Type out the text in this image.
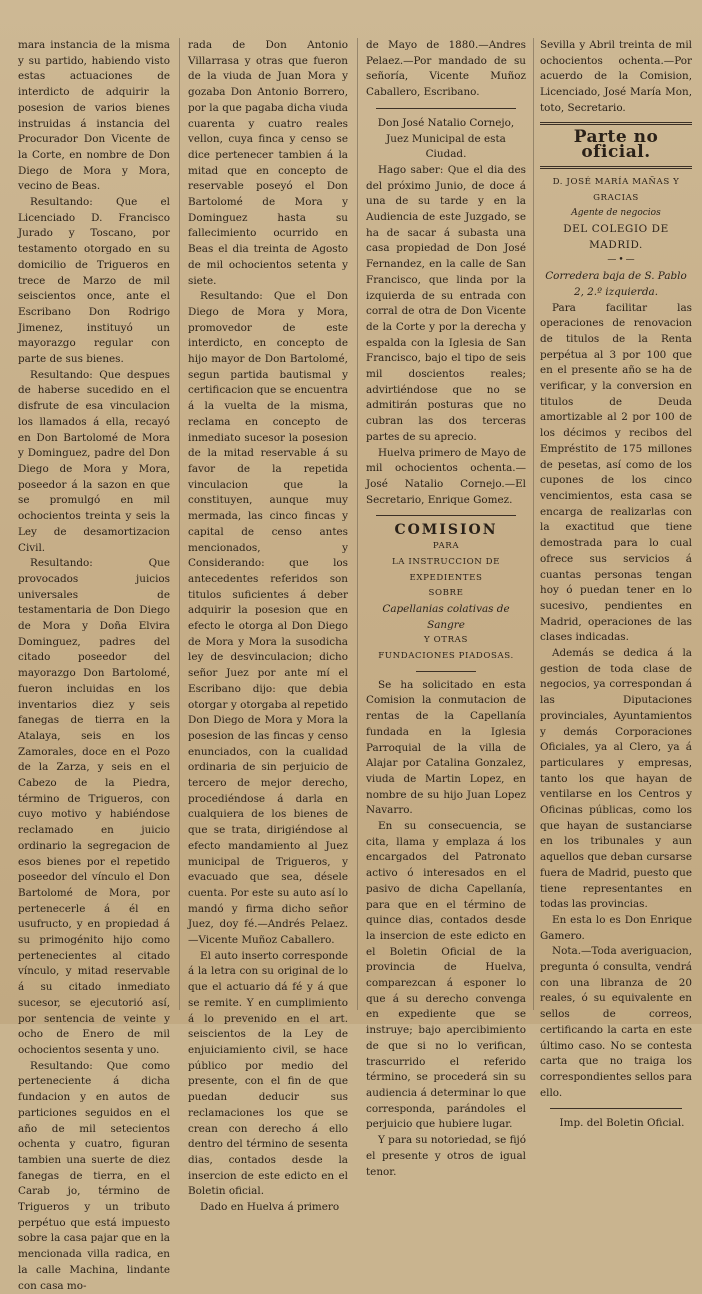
mara instancia de la misma y su partido, habiendo visto estas actuaciones de interdicto de adquirir la posesion de varios bienes instruidas á instancia del Procurador Don Vicente de la Corte, en nombre de Don Diego de Mora y Mora, vecino de Beas.

Resultando: Que el Licenciado D. Francisco Jurado y Toscano, por testamento otorgado en su domicilio de Trigueros en trece de Marzo de mil seiscientos once, ante el Escribano Don Rodrigo Jimenez, instituyó un mayorazgo regular con parte de sus bienes.

Resultando: Que despues de haberse sucedido en el disfrute de esa vinculacion los llamados á ella, recayó en Don Bartolomé de Mora y Dominguez, padre del Don Diego de Mora y Mora, poseedor á la sazon en que se promulgó en mil ochocientos treinta y seis la Ley de desamortizacion Civil.

Resultando: Que provocados juicios universales de testamentaria de Don Diego de Mora y Doña Elvira Dominguez, padres del citado poseedor del mayorazgo Don Bartolomé, fueron incluidas en los inventarios diez y seis fanegas de tierra en la Atalaya, seis en los Zamorales, doce en el Pozo de la Zarza, y seis en el Cabezo de la Piedra, término de Trigueros, con cuyo motivo y habiéndose reclamado en juicio ordinario la segregacion de esos bienes por el repetido poseedor del vínculo el Don Bartolomé de Mora, por pertenecerle á él en usufructo, y en propiedad á su primogénito hijo como pertenecientes al citado vínculo, y mitad reservable á su citado inmediato sucesor, se ejecutorió así, por sentencia de veinte y ocho de Enero de mil ochocientos sesenta y uno.

Resultando: Que como perteneciente á dicha fundacion y en autos de particiones seguidos en el año de mil setecientos ochenta y cuatro, figuran tambien una suerte de diez fanegas de tierra, en el Carab jo, término de Trigueros y un tributo perpétuo que está impuesto sobre la casa pajar que en la mencionada villa radica, en la calle Machina, lindante con casa mo-

rada de Don Antonio Villarrasa y otras que fueron de la viuda de Juan Mora y gozaba Don Antonio Borrero, por la que pagaba dicha viuda cuarenta y cuatro reales vellon, cuya finca y censo se dice pertenecer tambien á la mitad que en concepto de reservable poseyó el Don Bartolomé de Mora y Dominguez hasta su fallecimiento ocurrido en Beas el dia treinta de Agosto de mil ochocientos setenta y siete.

Resultando: Que el Don Diego de Mora y Mora, promovedor de este interdicto, en concepto de hijo mayor de Don Bartolomé, segun partida bautismal y certificacion que se encuentra á la vuelta de la misma, reclama en concepto de inmediato sucesor la posesion de la mitad reservable á su favor de la repetida vinculacion que la constituyen, aunque muy mermada, las cinco fincas y capital de censo antes mencionados, y Considerando: que los antecedentes referidos son titulos suficientes á deber adquirir la posesion que en efecto le otorga al Don Diego de Mora y Mora la susodicha ley de desvinculacion; dicho señor Juez por ante mí el Escribano dijo: que debia otorgar y otorgaba al repetido Don Diego de Mora y Mora la posesion de las fincas y censo enunciados, con la cualidad ordinaria de sin perjuicio de tercero de mejor derecho, procediéndose á darla en cualquiera de los bienes de que se trata, dirigiéndose al efecto mandamiento al Juez municipal de Trigueros, y evacuado que sea, désele cuenta. Por este su auto así lo mandó y firma dicho señor Juez, doy fé.—Andrés Pelaez.—Vicente Muñoz Caballero.

El auto inserto corresponde á la letra con su original de lo que el actuario dá fé y á que se remite. Y en cumplimiento á lo prevenido en el art. seiscientos de la Ley de enjuiciamiento civil, se hace público por medio del presente, con el fin de que puedan deducir sus reclamaciones los que se crean con derecho á ello dentro del término de sesenta dias, contados desde la insercion de este edicto en el Boletin oficial.

Dado en Huelva á primero

de Mayo de 1880.—Andres Pelaez.—Por mandado de su señoría, Vicente Muñoz Caballero, Escribano.

Don José Natalio Cornejo, Juez Municipal de esta Ciudad.

Hago saber: Que el dia des del próximo Junio, de doce á una de su tarde y en la Audiencia de este Juzgado, se ha de sacar á subasta una casa propiedad de Don José Fernandez, en la calle de San Francisco, que linda por la izquierda de su entrada con corral de otra de Don Vicente de la Corte y por la derecha y espalda con la Iglesia de San Francisco, bajo el tipo de seis mil doscientos reales; advirtiéndose que no se admitirán posturas que no cubran las dos terceras partes de su aprecio.

Huelva primero de Mayo de mil ochocientos ochenta.—José Natalio Cornejo.—El Secretario, Enrique Gomez.

COMISION

PARA

LA INSTRUCCION DE EXPEDIENTES

SOBRE

Capellanias colativas de Sangre

Y OTRAS

FUNDACIONES PIADOSAS.

Se ha solicitado en esta Comision la conmutacion de rentas de la Capellanía fundada en la Iglesia Parroquial de la villa de Alajar por Catalina Gonzalez, viuda de Martin Lopez, en nombre de su hijo Juan Lopez Navarro.

En su consecuencia, se cita, llama y emplaza á los encargados del Patronato activo ó interesados en el pasivo de dicha Capellanía, para que en el término de quince dias, contados desde la insercion de este edicto en el Boletin Oficial de la provincia de Huelva, comparezcan á esponer lo que á su derecho convenga en expediente que se instruye; bajo apercibimiento de que si no lo verifican, trascurrido el referido término, se procederá sin su audiencia á determinar lo que corresponda, parándoles el perjuicio que hubiere lugar.

Y para su notoriedad, se fijó el presente y otros de igual tenor.

Sevilla y Abril treinta de mil ochocientos ochenta.—Por acuerdo de la Comision, Licenciado, José María Mon, toto, Secretario.

Parte no oficial.

D. JOSÉ MARÍA MAÑAS Y GRACIAS

Agente de negocios

DEL COLEGIO DE MADRID.

—•—

Corredera baja de S. Pablo 2, 2.º izquierda.

Para facilitar las operaciones de renovacion de titulos de la Renta perpétua al 3 por 100 que en el presente año se ha de verificar, y la conversion en titulos de Deuda amortizable al 2 por 100 de los décimos y recibos del Empréstito de 175 millones de pesetas, así como de los cupones de los cinco vencimientos, esta casa se encarga de realizarlas con la exactitud que tiene demostrada para lo cual ofrece sus servicios á cuantas personas tengan hoy ó puedan tener en lo sucesivo, pendientes en Madrid, operaciones de las clases indicadas.

Además se dedica á la gestion de toda clase de negocios, ya correspondan á las Diputaciones provinciales, Ayuntamientos y demás Corporaciones Oficiales, ya al Clero, ya á particulares y empresas, tanto los que hayan de ventilarse en los Centros y Oficinas públicas, como los que hayan de sustanciarse en los tribunales y aun aquellos que deban cursarse fuera de Madrid, puesto que tiene representantes en todas las provincias.

En esta lo es Don Enrique Gamero.

Nota.—Toda averiguacion, pregunta ó consulta, vendrá con una libranza de 20 reales, ó su equivalente en sellos de correos, certificando la carta en este último caso. No se contesta carta que no traiga los correspondientes sellos para ello.

Imp. del Boletin Oficial.
